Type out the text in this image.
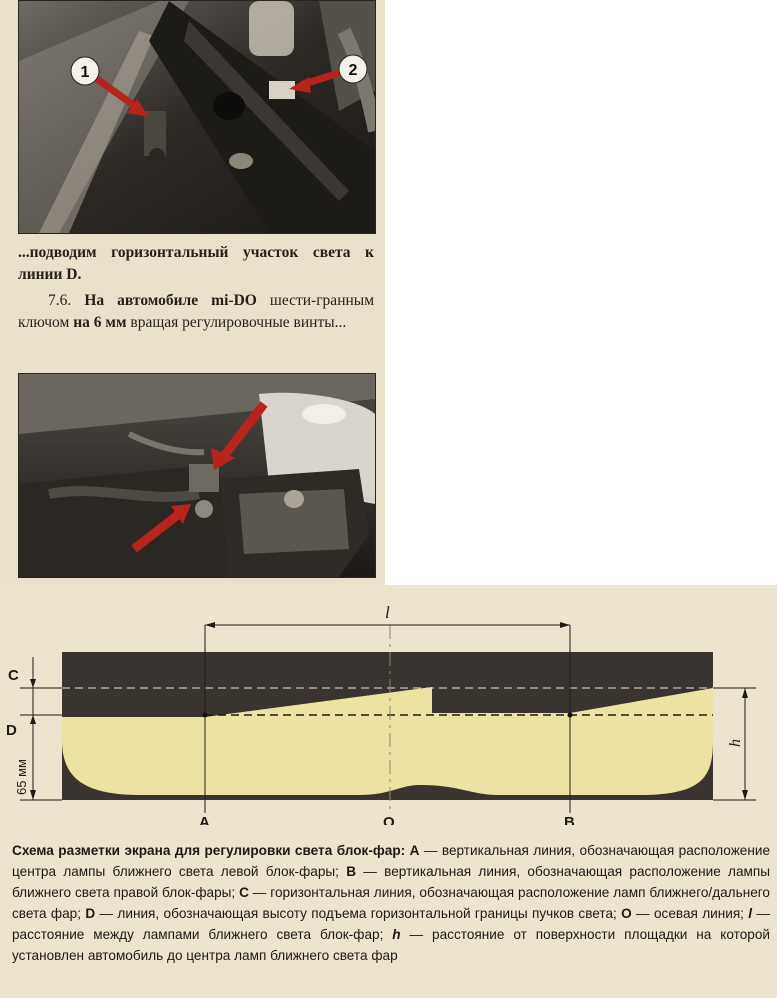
1	2
...подводим горизонтальный участок света к линии D.
7.6. На автомобиле mi-DO шести-гранным ключом на 6 мм вращая регулировочные винты...
l
h
C
D
65 мм
A	O	B
Схема разметки экрана для регулировки света блок-фар: A — вертикальная линия, обозначающая расположение центра лампы ближнего света левой блок-фары; B — вертикальная линия, обозначающая расположение лампы ближнего света правой блок-фары; C — горизонтальная линия, обозначающая расположение ламп ближнего/дальнего света фар; D — линия, обозначающая высоту подъема горизонтальной границы пучков света; O — осевая линия; l — расстояние между лампами ближнего света блок-фар; h — расстояние от поверхности площадки на которой установлен автомобиль до центра ламп ближнего света фар
